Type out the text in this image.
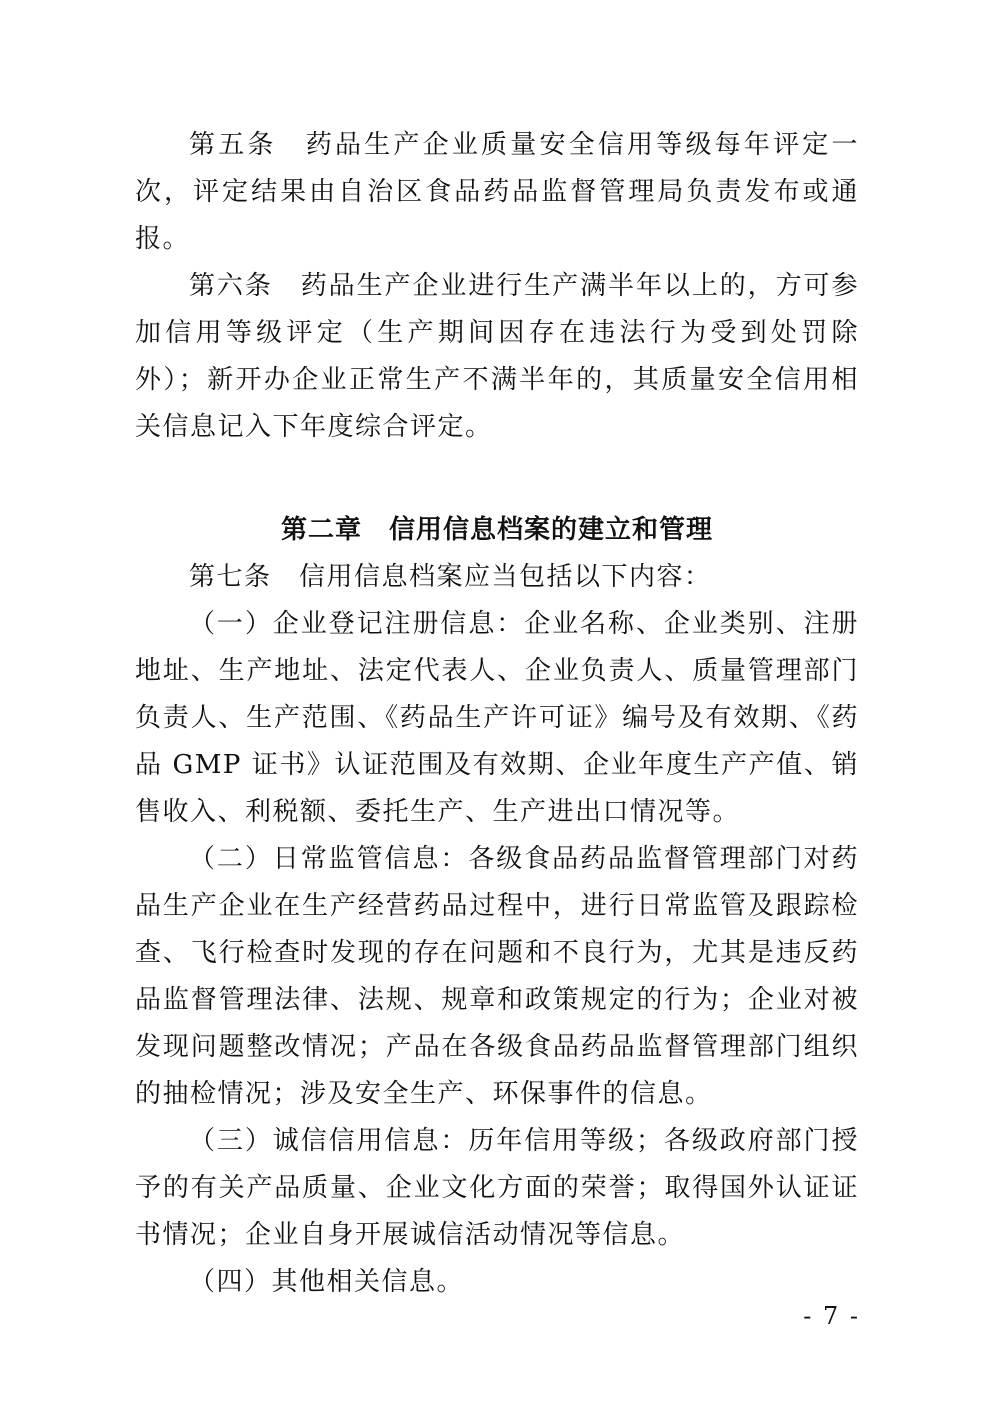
第五条　药品生产企业质量安全信用等级每年评定一次，评定结果由自治区食品药品监督管理局负责发布或通报。

第六条　药品生产企业进行生产满半年以上的，方可参加信用等级评定（生产期间因存在违法行为受到处罚除外）；新开办企业正常生产不满半年的，其质量安全信用相关信息记入下年度综合评定。

第二章　信用信息档案的建立和管理

第七条　信用信息档案应当包括以下内容：

（一）企业登记注册信息：企业名称、企业类别、注册地址、生产地址、法定代表人、企业负责人、质量管理部门负责人、生产范围、《药品生产许可证》编号及有效期、《药品 GMP 证书》认证范围及有效期、企业年度生产产值、销售收入、利税额、委托生产、生产进出口情况等。

（二）日常监管信息：各级食品药品监督管理部门对药品生产企业在生产经营药品过程中，进行日常监管及跟踪检查、飞行检查时发现的存在问题和不良行为，尤其是违反药品监督管理法律、法规、规章和政策规定的行为；企业对被发现问题整改情况；产品在各级食品药品监督管理部门组织的抽检情况；涉及安全生产、环保事件的信息。

（三）诚信信用信息：历年信用等级；各级政府部门授予的有关产品质量、企业文化方面的荣誉；取得国外认证证书情况；企业自身开展诚信活动情况等信息。

（四）其他相关信息。

- 7 -
